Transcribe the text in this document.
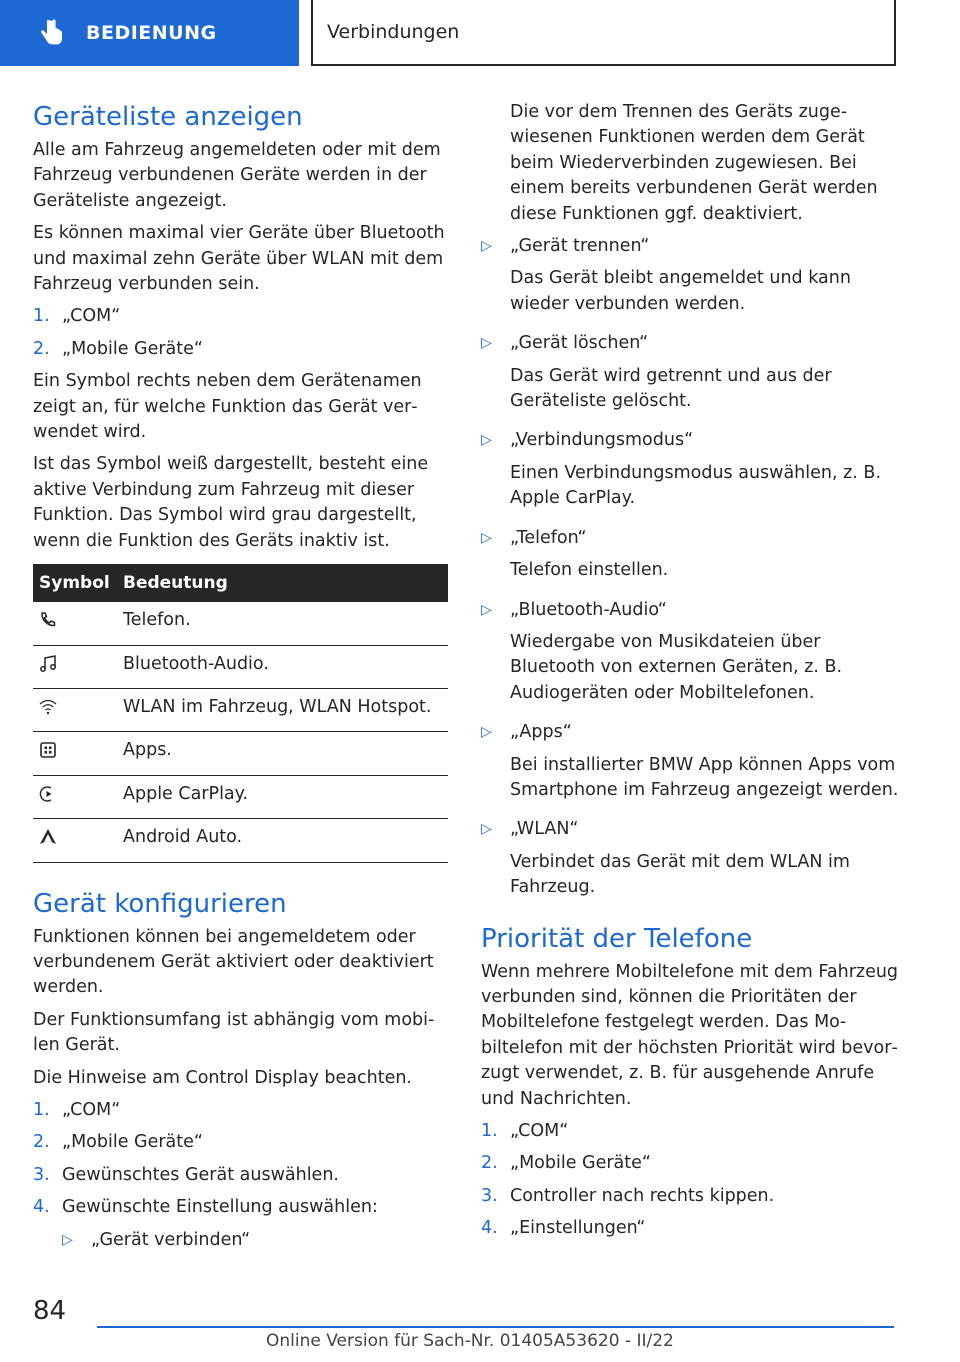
BEDIENUNG	Verbindungen
Geräteliste anzeigen

Alle am Fahrzeug angemeldeten oder mit dem Fahrzeug verbundenen Geräte werden in der Geräteliste angezeigt.

Es können maximal vier Geräte über Bluetooth und maximal zehn Geräte über WLAN mit dem Fahrzeug verbunden sein.

1. „COM“
2. „Mobile Geräte“

Ein Symbol rechts neben dem Gerätenamen zeigt an, für welche Funktion das Gerät verwendet wird.

Ist das Symbol weiß dargestellt, besteht eine aktive Verbindung zum Fahrzeug mit dieser Funktion. Das Symbol wird grau dargestellt, wenn die Funktion des Geräts inaktiv ist.

Symbol	Bedeutung
	Telefon.
	Bluetooth-Audio.
	WLAN im Fahrzeug, WLAN Hotspot.
	Apps.
	Apple CarPlay.
	Android Auto.
Gerät konfigurieren

Funktionen können bei angemeldetem oder verbundenem Gerät aktiviert oder deaktiviert werden.

Der Funktionsumfang ist abhängig vom mobilen Gerät.

Die Hinweise am Control Display beachten.

1. „COM“
2. „Mobile Geräte“
3. Gewünschtes Gerät auswählen.
4. Gewünschte Einstellung auswählen:
▷	„Gerät verbinden“

Die vor dem Trennen des Geräts zugewiesenen Funktionen werden dem Gerät beim Wiederverbinden zugewiesen. Bei einem bereits verbundenen Gerät werden diese Funktionen ggf. deaktiviert.

▷	„Gerät trennen“

Das Gerät bleibt angemeldet und kann wieder verbunden werden.

▷	„Gerät löschen“

Das Gerät wird getrennt und aus der Geräteliste gelöscht.

▷	„Verbindungsmodus“

Einen Verbindungsmodus auswählen, z. B. Apple CarPlay.

▷	„Telefon“

Telefon einstellen.

▷	„Bluetooth-Audio“

Wiedergabe von Musikdateien über Bluetooth von externen Geräten, z. B. Audiogeräten oder Mobiltelefonen.

▷	„Apps“

Bei installierter BMW App können Apps vom Smartphone im Fahrzeug angezeigt werden.

▷	„WLAN“

Verbindet das Gerät mit dem WLAN im Fahrzeug.

Priorität der Telefone

Wenn mehrere Mobiltelefone mit dem Fahrzeug verbunden sind, können die Prioritäten der Mobiltelefone festgelegt werden. Das Mobiltelefon mit der höchsten Priorität wird bevorzugt verwendet, z. B. für ausgehende Anrufe und Nachrichten.

1. „COM“
2. „Mobile Geräte“
3. Controller nach rechts kippen.
4. „Einstellungen“
84
Online Version für Sach-Nr. 01405A53620 - II/22
